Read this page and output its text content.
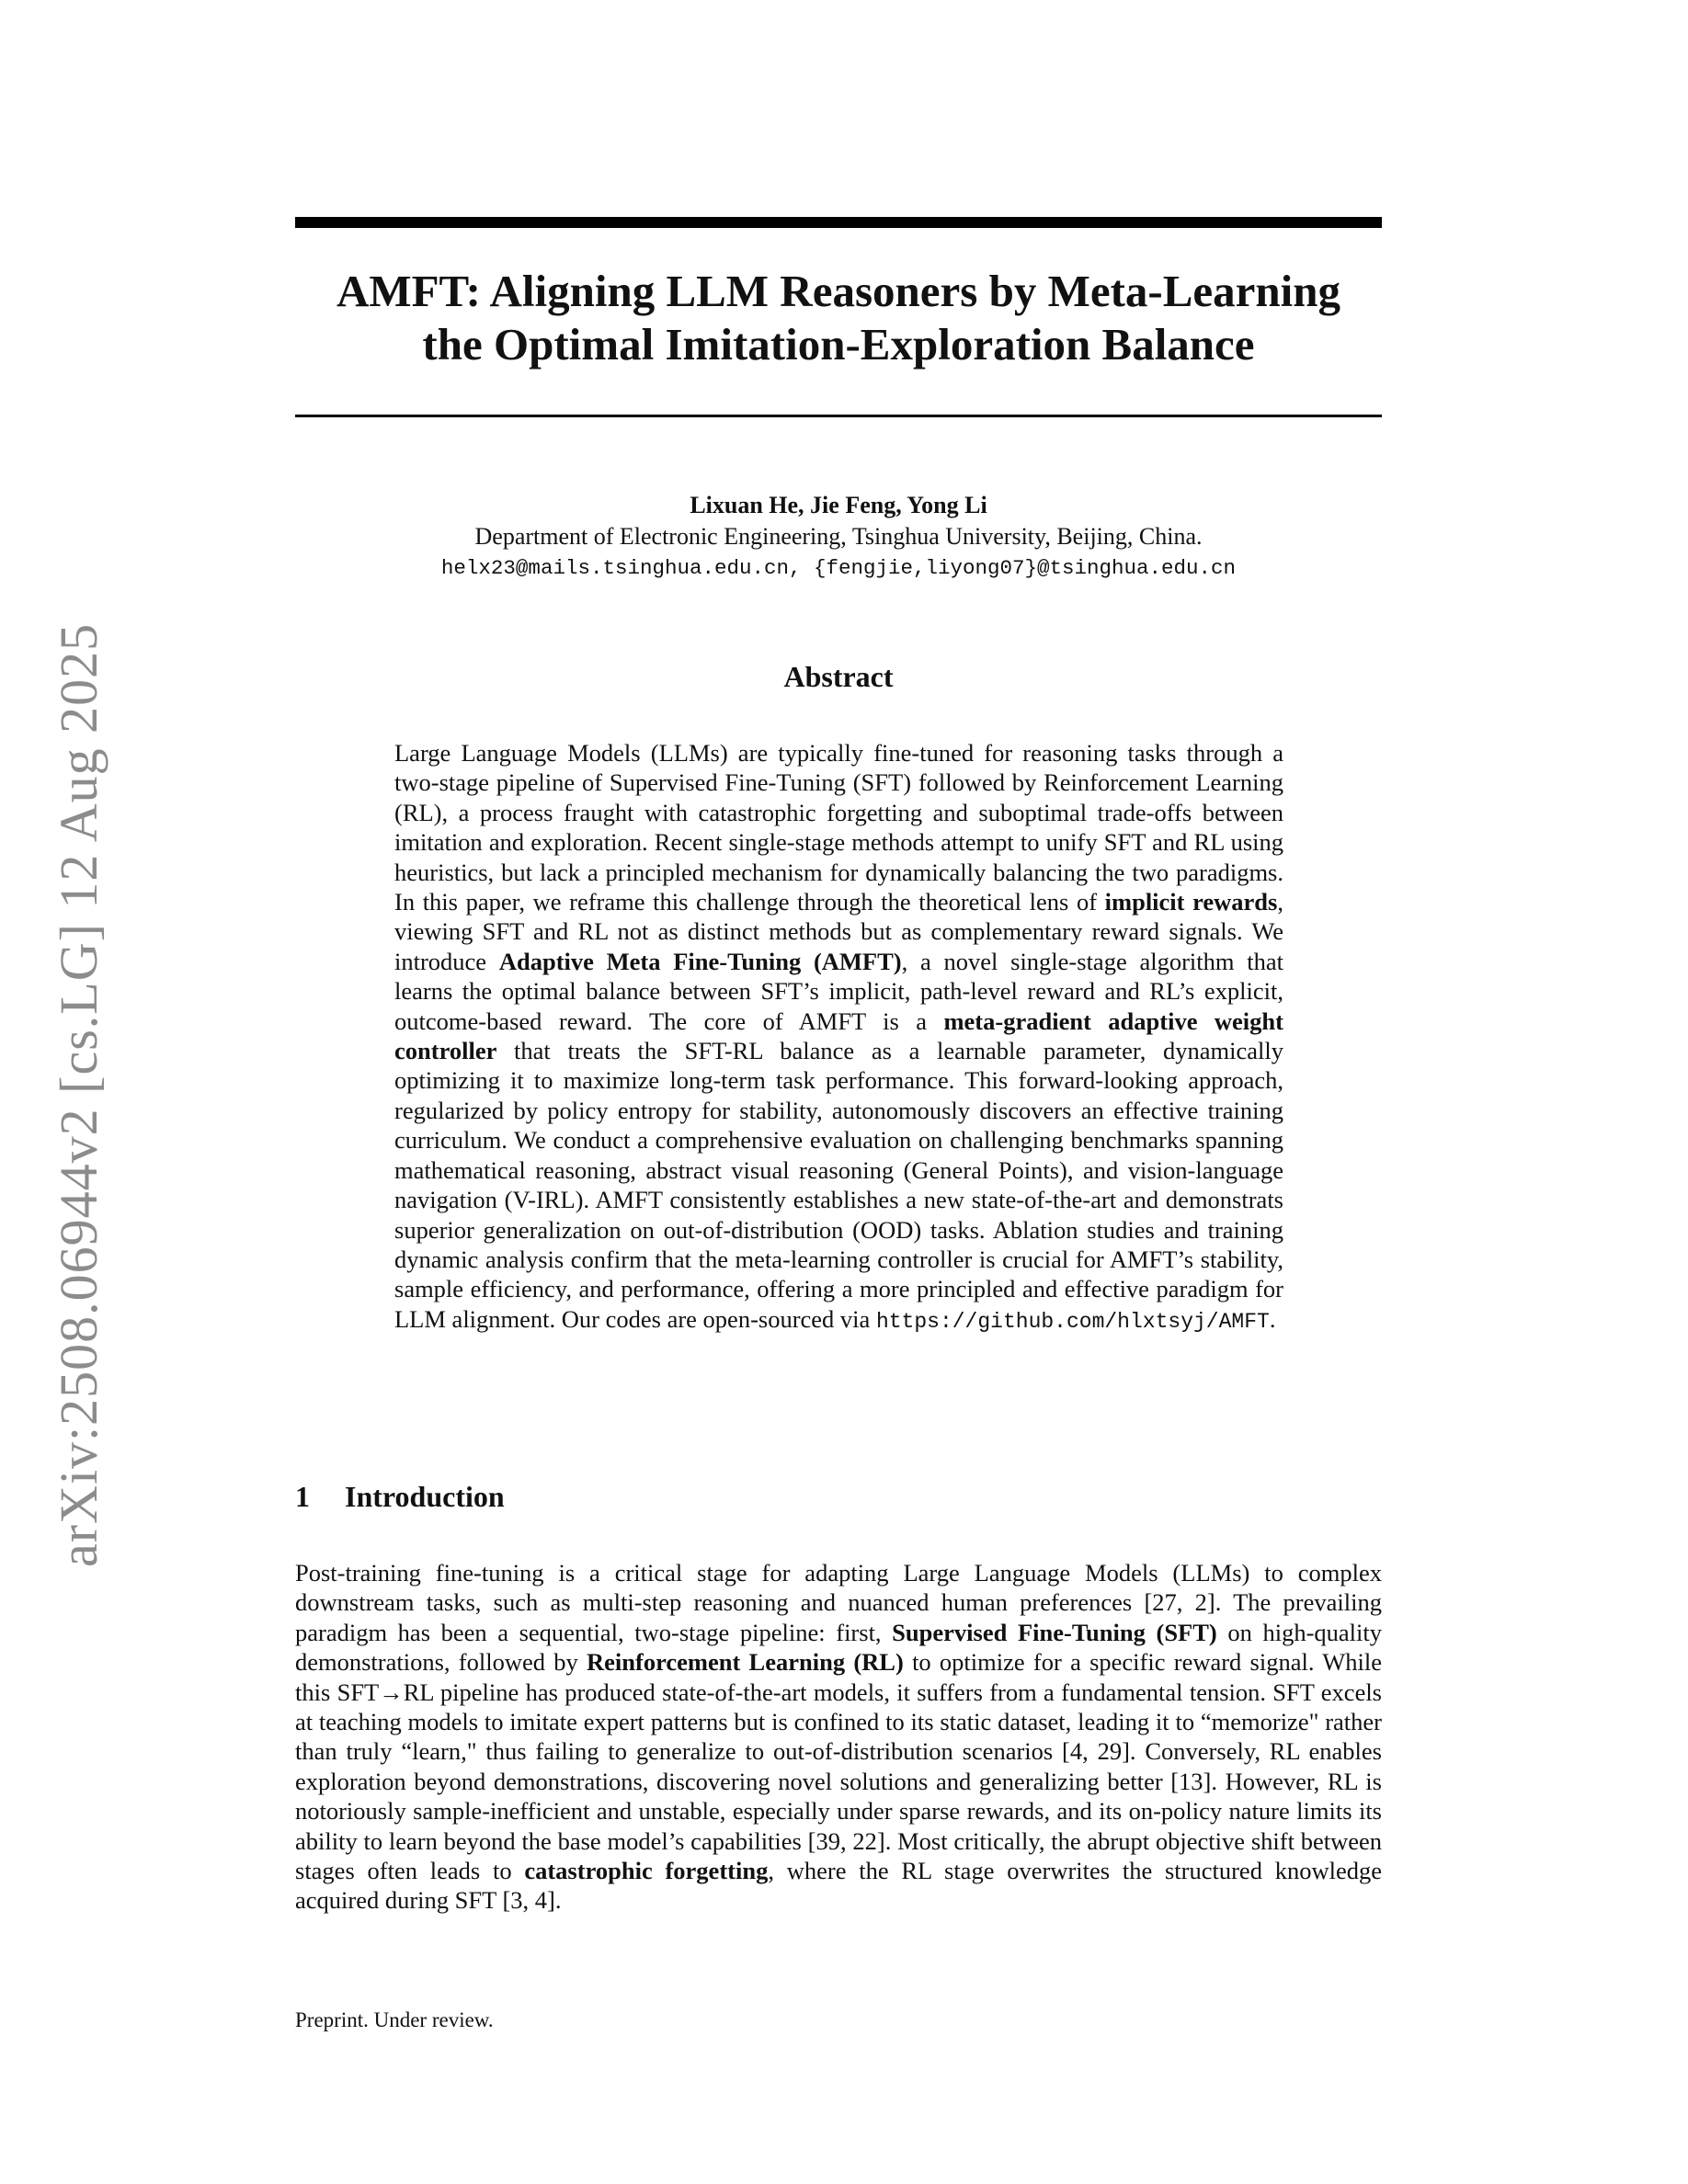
arXiv:2508.06944v2 [cs.LG] 12 Aug 2025
AMFT: Aligning LLM Reasoners by Meta-Learning
the Optimal Imitation-Exploration Balance
Lixuan He, Jie Feng, Yong Li
Department of Electronic Engineering, Tsinghua University, Beijing, China.
helx23@mails.tsinghua.edu.cn, {fengjie,liyong07}@tsinghua.edu.cn
Abstract

Large Language Models (LLMs) are typically fine-tuned for reasoning tasks through a two-stage pipeline of Supervised Fine-Tuning (SFT) followed by Reinforcement Learning (RL), a process fraught with catastrophic forgetting and suboptimal trade-offs between imitation and exploration. Recent single-stage methods attempt to unify SFT and RL using heuristics, but lack a principled mechanism for dynamically balancing the two paradigms. In this paper, we reframe this challenge through the theoretical lens of implicit rewards, viewing SFT and RL not as distinct methods but as complementary reward signals. We introduce Adaptive Meta Fine-Tuning (AMFT), a novel single-stage algorithm that learns the optimal balance between SFT’s implicit, path-level reward and RL’s explicit, outcome-based reward. The core of AMFT is a meta-gradient adaptive weight controller that treats the SFT-RL balance as a learnable parameter, dynamically optimizing it to maximize long-term task performance. This forward-looking approach, regularized by policy entropy for stability, autonomously discovers an effective training curriculum. We conduct a comprehensive evaluation on challenging benchmarks spanning mathematical reasoning, abstract visual reasoning (General Points), and vision-language navigation (V-IRL). AMFT consistently establishes a new state-of-the-art and demonstrats superior generalization on out-of-distribution (OOD) tasks. Ablation studies and training dynamic analysis confirm that the meta-learning controller is crucial for AMFT’s stability, sample efficiency, and performance, offering a more principled and effective paradigm for LLM alignment. Our codes are open-sourced via https://github.com/hlxtsyj/AMFT.

1 Introduction

Post-training fine-tuning is a critical stage for adapting Large Language Models (LLMs) to complex downstream tasks, such as multi-step reasoning and nuanced human preferences [27, 2]. The prevailing paradigm has been a sequential, two-stage pipeline: first, Supervised Fine-Tuning (SFT) on high-quality demonstrations, followed by Reinforcement Learning (RL) to optimize for a specific reward signal. While this SFT→RL pipeline has produced state-of-the-art models, it suffers from a fundamental tension. SFT excels at teaching models to imitate expert patterns but is confined to its static dataset, leading it to “memorize" rather than truly “learn," thus failing to generalize to out-of-distribution scenarios [4, 29]. Conversely, RL enables exploration beyond demonstrations, discovering novel solutions and generalizing better [13]. However, RL is notoriously sample-inefficient and unstable, especially under sparse rewards, and its on-policy nature limits its ability to learn beyond the base model’s capabilities [39, 22]. Most critically, the abrupt objective shift between stages often leads to catastrophic forgetting, where the RL stage overwrites the structured knowledge acquired during SFT [3, 4].

Preprint. Under review.
